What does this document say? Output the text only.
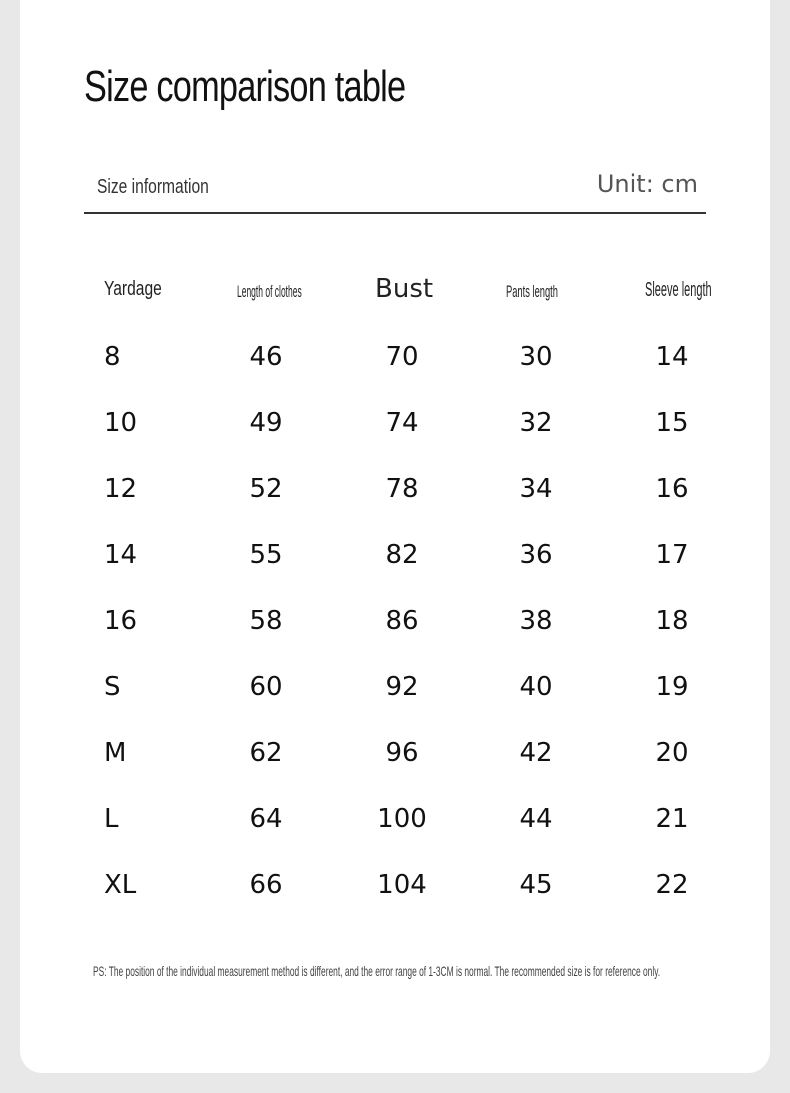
Size comparison table
Size information	Unit: cm
Yardage	Length of clothes	Bust	Pants length	Sleeve length
8	46	70	30	14
10	49	74	32	15
12	52	78	34	16
14	55	82	36	17
16	58	86	38	18
S	60	92	40	19
M	62	96	42	20
L	64	100	44	21
XL	66	104	45	22
PS: The position of the individual measurement method is different, and the error range of 1-3CM is normal. The recommended size is for reference only.
